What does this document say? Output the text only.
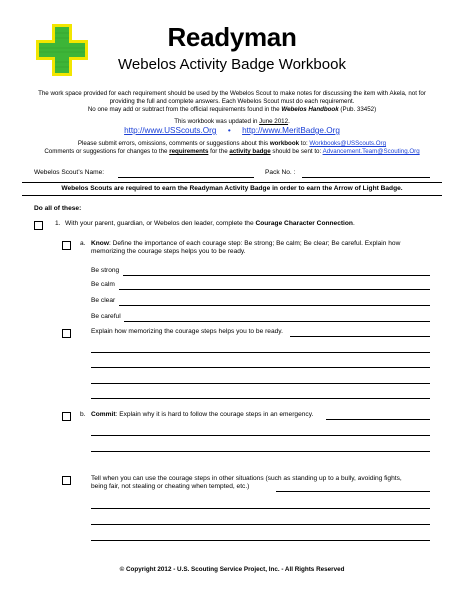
Readyman
Webelos Activity Badge Workbook
The work space provided for each requirement should be used by the Webelos Scout to make notes for discussing the item with Akela, not for
providing the full and complete answers. Each Webelos Scout must do each requirement.
No one may add or subtract from the official requirements found in the Webelos Handbook (Pub. 33452)
This workbook was updated in June 2012.
http://www.USScouts.Org • http://www.MeritBadge.Org
Please submit errors, omissions, comments or suggestions about this workbook to: Workbooks@USScouts.Org
Comments or suggestions for changes to the requirements for the activity badge should be sent to: Advancement.Team@Scouting.Org
Webelos Scout’s Name:	Pack No. :
Webelos Scouts are required to earn the Readyman Activity Badge in order to earn the Arrow of Light Badge.
Do all of these:
1. With your parent, guardian, or Webelos den leader, complete the Courage Character Connection.
a. Know: Define the importance of each courage step: Be strong; Be calm; Be clear; Be careful. Explain how
memorizing the courage steps helps you to be ready.
Be strong
Be calm
Be clear
Be careful
Explain how memorizing the courage steps helps you to be ready.
b. Commit: Explain why it is hard to follow the courage steps in an emergency.
Tell when you can use the courage steps in other situations (such as standing up to a bully, avoiding fights,
being fair, not stealing or cheating when tempted, etc.)
© Copyright 2012 - U.S. Scouting Service Project, Inc. - All Rights Reserved
